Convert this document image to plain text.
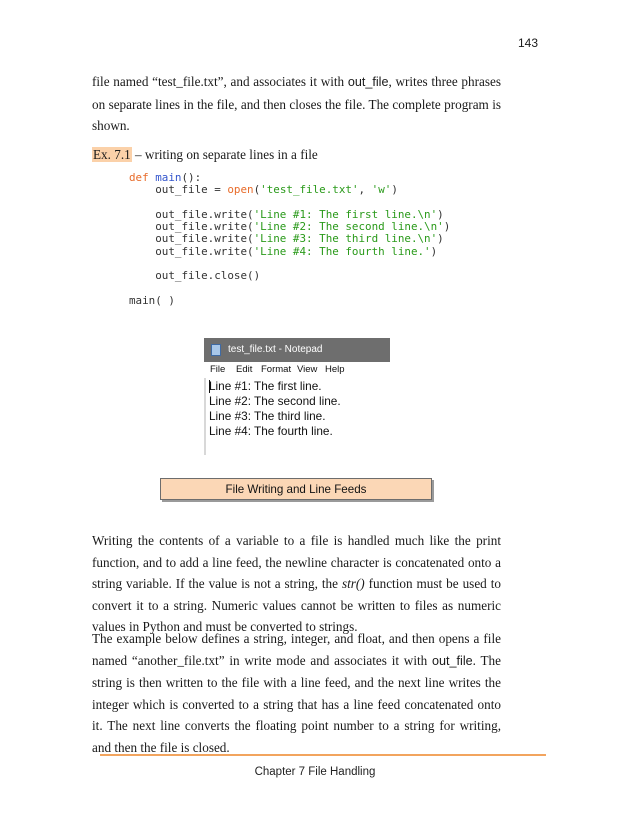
143

file named “test_file.txt”, and associates it with out_file, writes three phrases on separate lines in the file, and then closes the file. The complete program is shown.

Ex. 7.1 – writing on separate lines in a file
def main():
out_file = open('test_file.txt', 'w')
out_file.write('Line #1: The first line.\n')
out_file.write('Line #2: The second line.\n')
out_file.write('Line #3: The third line.\n')
out_file.write('Line #4: The fourth line.')
out_file.close()
main( )
test_file.txt - Notepad
File Edit Format View Help
Line #1: The first line.
Line #2: The second line.
Line #3: The third line.
Line #4: The fourth line.
File Writing and Line Feeds

Writing the contents of a variable to a file is handled much like the print function, and to add a line feed, the newline character is concatenated onto a string variable. If the value is not a string, the str() function must be used to convert it to a string. Numeric values cannot be written to files as numeric values in Python and must be converted to strings.

The example below defines a string, integer, and float, and then opens a file named “another_file.txt” in write mode and associates it with out_file. The string is then written to the file with a line feed, and the next line writes the integer which is converted to a string that has a line feed concatenated onto it. The next line converts the floating point number to a string for writing, and then the file is closed.

Chapter 7 File Handling
